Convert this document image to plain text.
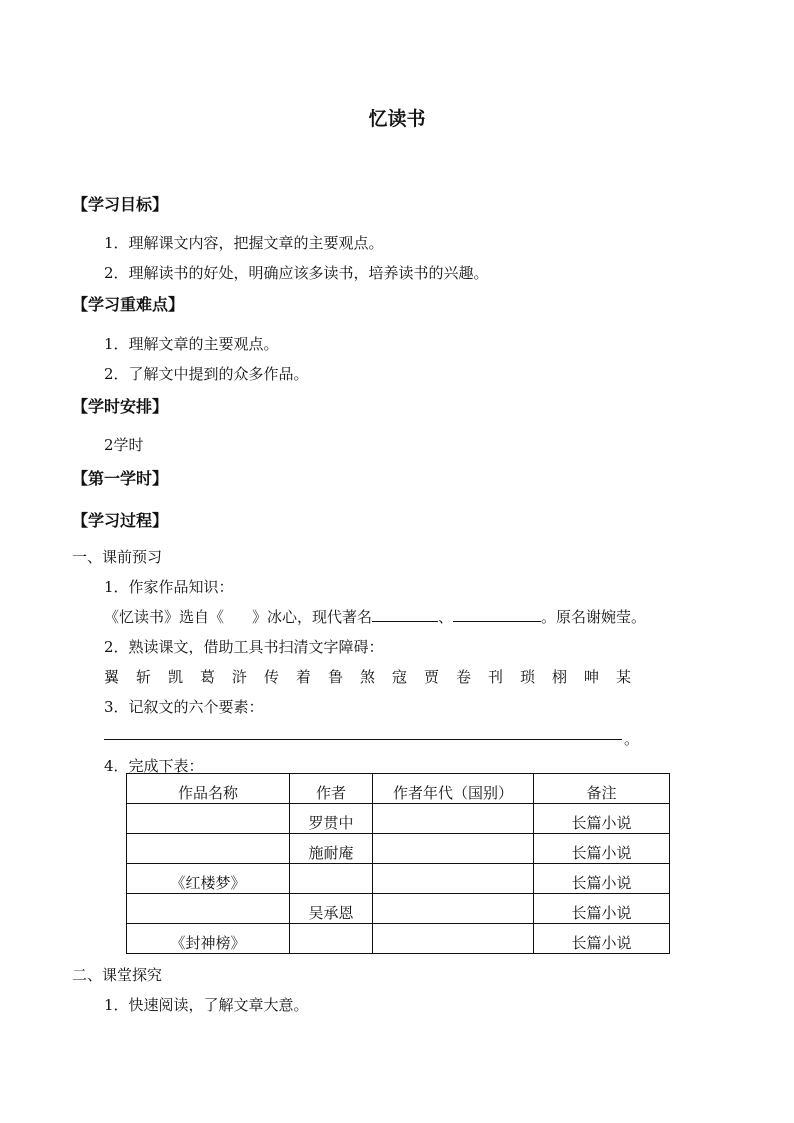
忆读书
【学习目标】
1．理解课文内容，把握文章的主要观点。
2．理解读书的好处，明确应该多读书，培养读书的兴趣。
【学习重难点】
1．理解文章的主要观点。
2．了解文中提到的众多作品。
【学时安排】
2学时
【第一学时】
【学习过程】
一、课前预习
1．作家作品知识：
《忆读书》选自《 》冰心，现代著名	、	。原名谢婉莹。
2．熟读课文，借助工具书扫清文字障碍：
翼 斩 凯 葛 浒 传 着 鲁 煞 寇 贾 卷 刊 琐 栩 呻 某
3．记叙文的六个要素：
。
4．完成下表：
作品名称	作者	作者年代（国别）	备注
	罗贯中		长篇小说
	施耐庵		长篇小说
《红楼梦》			长篇小说
	吴承恩		长篇小说
《封神榜》			长篇小说
二、课堂探究
1．快速阅读，了解文章大意。
